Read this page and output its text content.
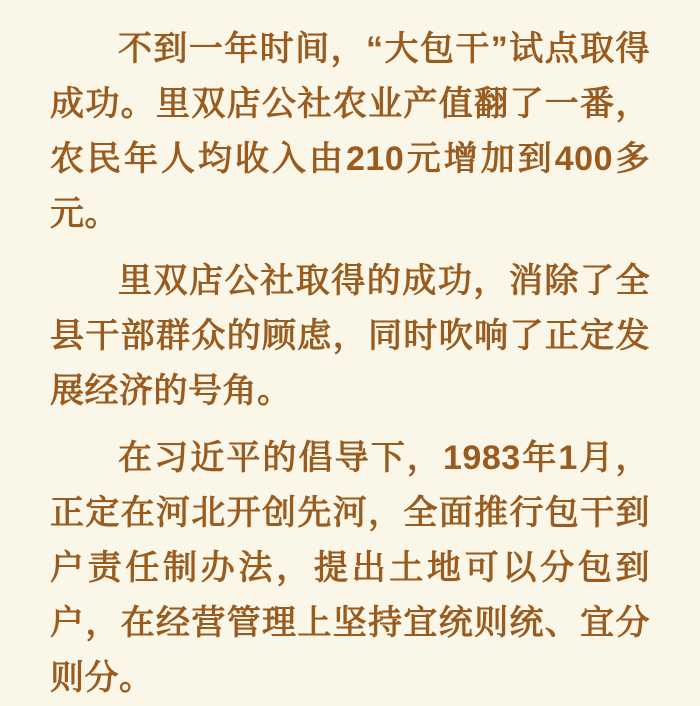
不到一年时间，“大包干”试点取得成功。里双店公社农业产值翻了一番，农民年人均收入由210元增加到400多元。

里双店公社取得的成功，消除了全县干部群众的顾虑，同时吹响了正定发展经济的号角。

在习近平的倡导下，1983年1月，正定在河北开创先河，全面推行包干到户责任制办法，提出土地可以分包到户，在经营管理上坚持宜统则统、宜分则分。
